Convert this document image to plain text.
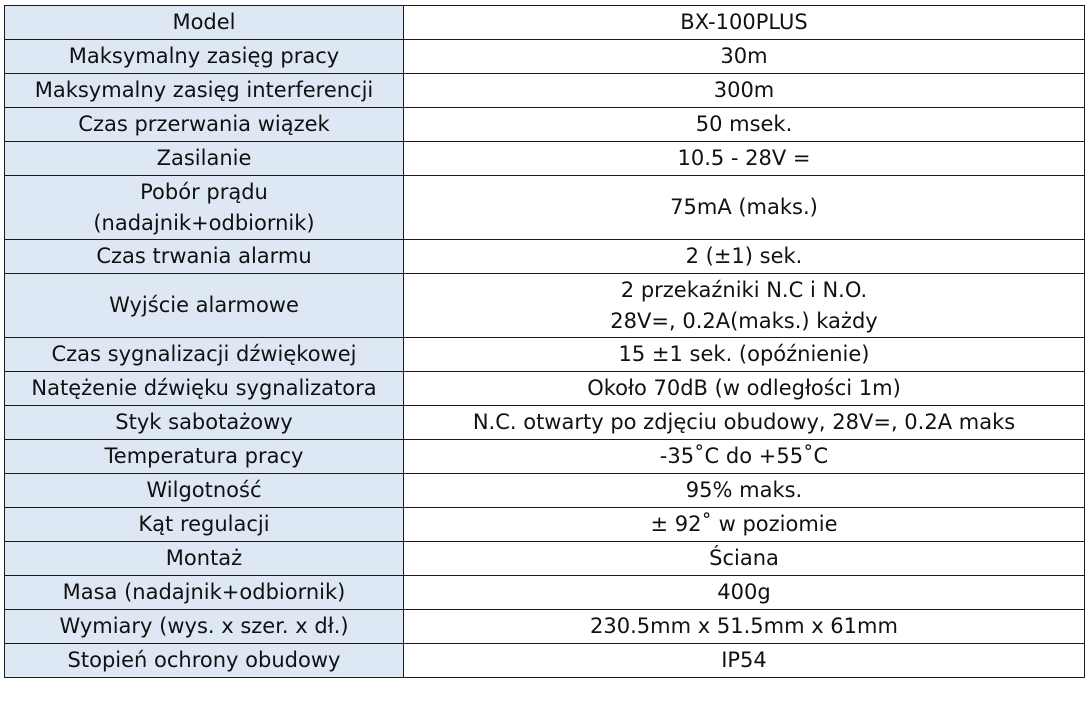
Model	BX-100PLUS

Maksymalny zasięg pracy	30m

Maksymalny zasięg interferencji	300m

Czas przerwania wiązek	50 msek.

Zasilanie	10.5 - 28V =

Pobór prądu
(nadajnik+odbiornik)	75mA (maks.)

Czas trwania alarmu	2 (±1) sek.

Wyjście alarmowe	2 przekaźniki N.C i N.O.
28V=, 0.2A(maks.) każdy

Czas sygnalizacji dźwiękowej	15 ±1 sek. (opóźnienie)

Natężenie dźwięku sygnalizatora	Około 70dB (w odległości 1m)

Styk sabotażowy	N.C. otwarty po zdjęciu obudowy, 28V=, 0.2A maks

Temperatura pracy	-35˚C do +55˚C

Wilgotność	95% maks.

Kąt regulacji	± 92˚ w poziomie

Montaż	Ściana

Masa (nadajnik+odbiornik)	400g

Wymiary (wys. x szer. x dł.)	230.5mm x 51.5mm x 61mm

Stopień ochrony obudowy	IP54
